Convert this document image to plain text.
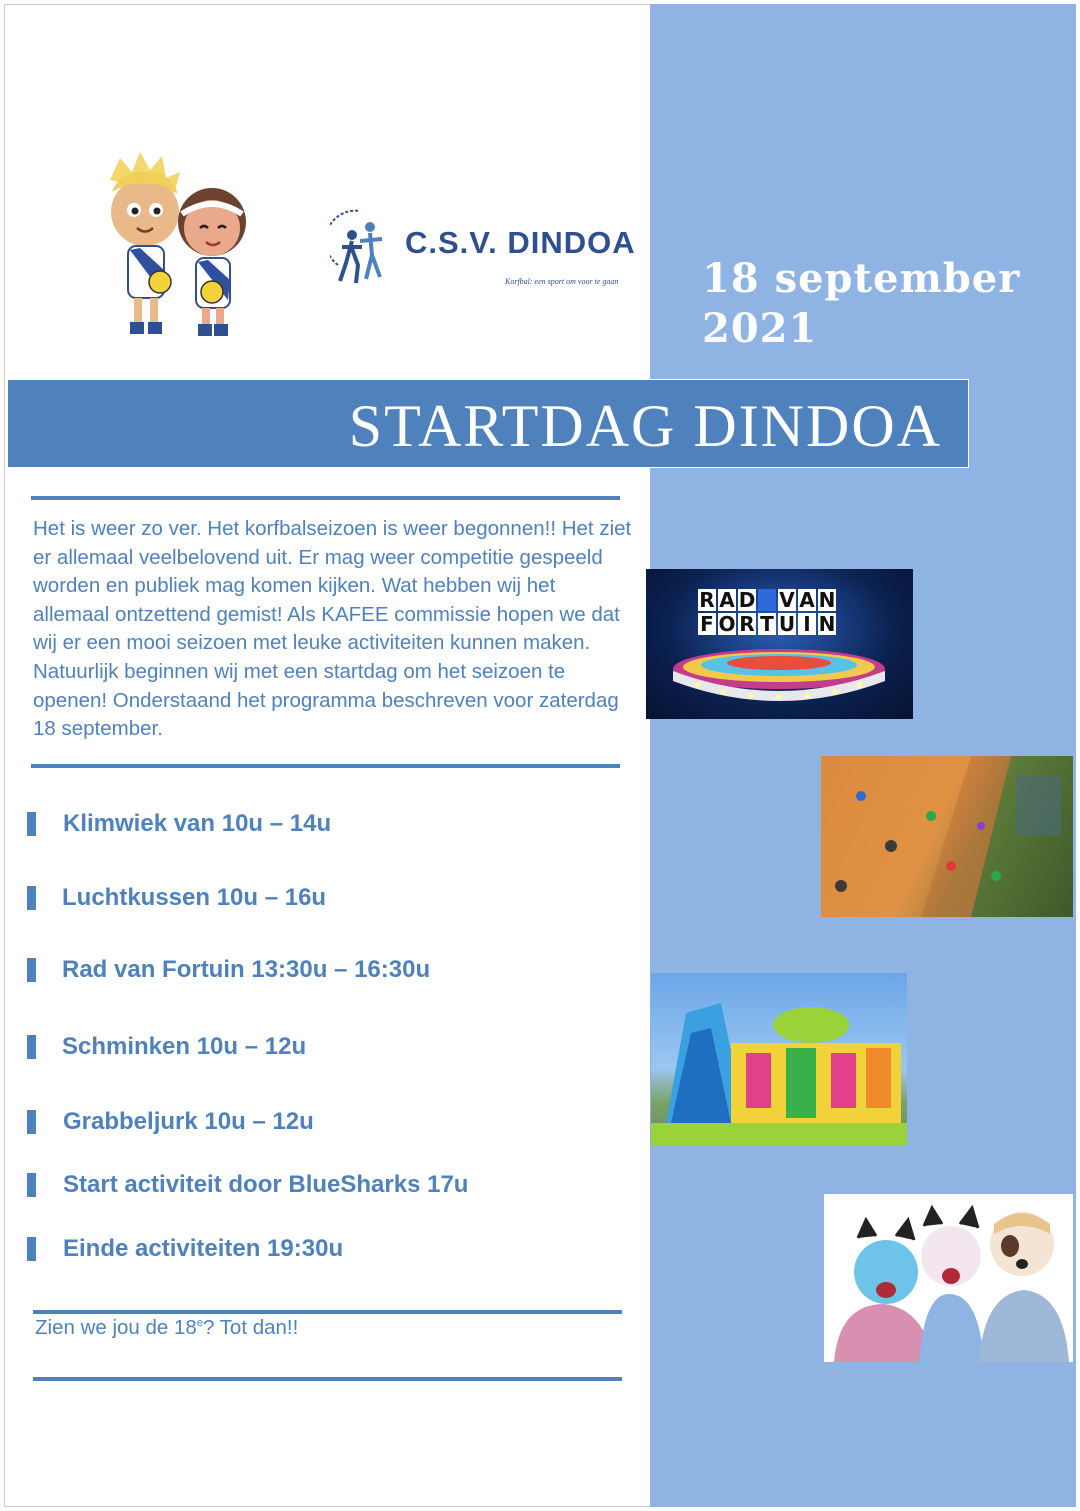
C.S.V. DINDOA
Korfbal: een sport om voor te gaan 18 september
2021
STARTDAG DINDOA
Het is weer zo ver. Het korfbalseizoen is weer begonnen!! Het ziet er allemaal veelbelovend uit. Er mag weer competitie gespeeld worden en publiek mag komen kijken. Wat hebben wij het allemaal ontzettend gemist! Als KAFEE commissie hopen we dat wij er een mooi seizoen met leuke activiteiten kunnen maken. Natuurlijk beginnen wij met een startdag om het seizoen te openen! Onderstaand het programma beschreven voor zaterdag 18 september.
Klimwiek van 10u – 14u
Luchtkussen 10u – 16u
Rad van Fortuin 13:30u – 16:30u
Schminken 10u – 12u
Grabbeljurk 10u – 12u
Start activiteit door BlueSharks 17u
Einde activiteiten 19:30u
Zien we jou de 18e? Tot dan!!
R A D V A N
F O R T U I N
